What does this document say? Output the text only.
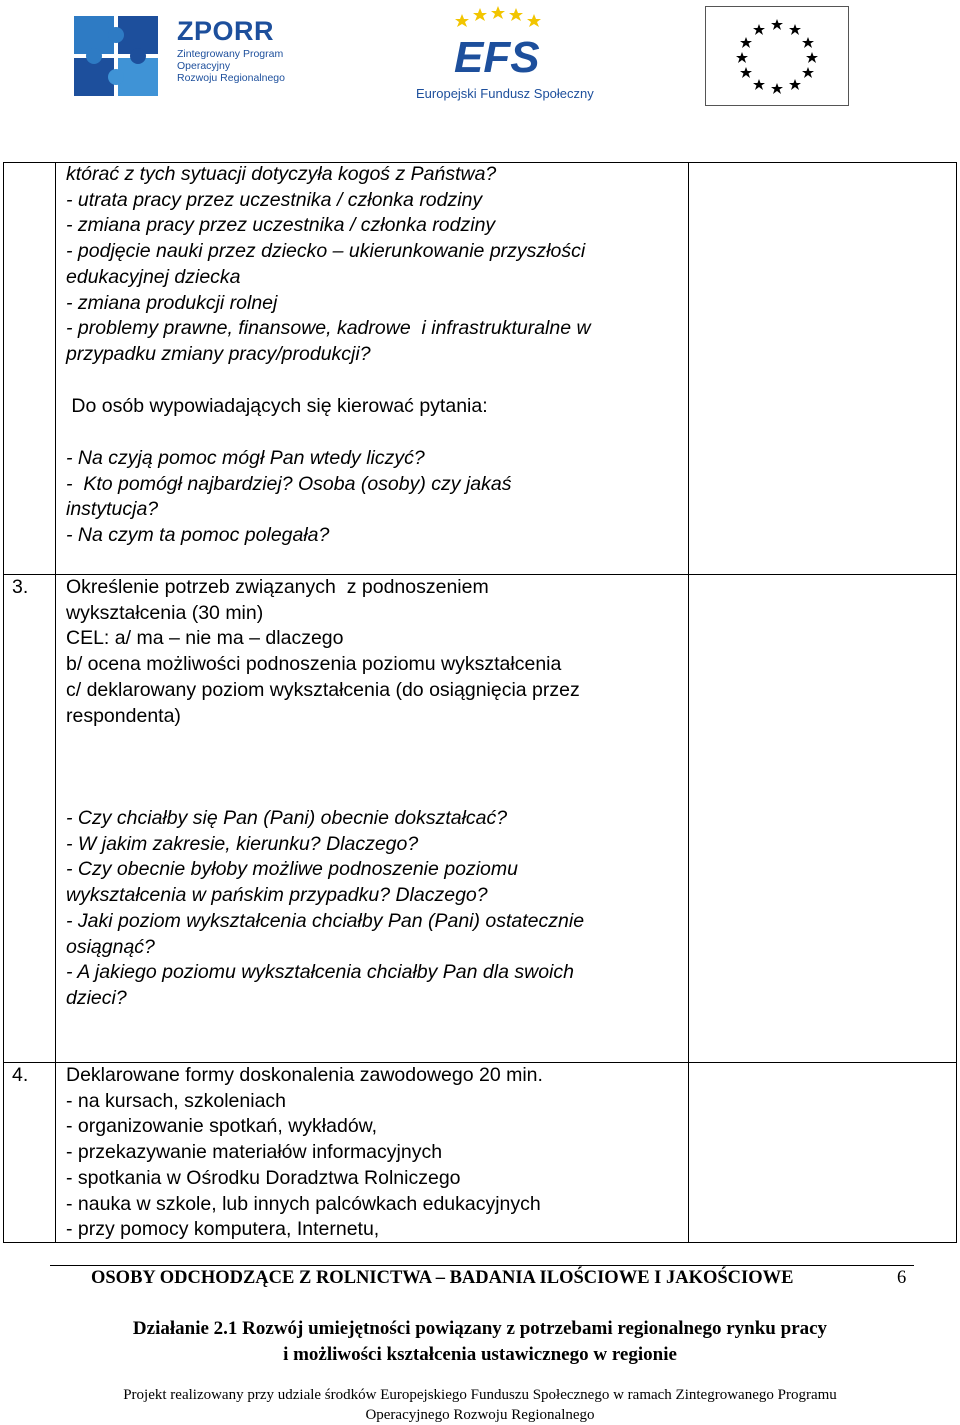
ZPORR
Zintegrowany Program
Operacyjny
Rozwoju Regionalnego	EFS
Europejski Fundusz Społeczny
którać z tych sytuacji dotyczyła kogoś z Państwa?
- utrata pracy przez uczestnika / członka rodziny
- zmiana pracy przez uczestnika / członka rodziny
- podjęcie nauki przez dziecko – ukierunkowanie przyszłości
edukacyjnej dziecka
- zmiana produkcji rolnej
- problemy prawne, finansowe, kadrowe  i infrastrukturalne w
przypadku zmiany pracy/produkcji?
Do osób wypowiadających się kierować pytania:
- Na czyją pomoc mógł Pan wtedy liczyć?
-  Kto pomógł najbardziej? Osoba (osoby) czy jakaś
instytucja?
- Na czym ta pomoc polegała?
3. Określenie potrzeb związanych  z podnoszeniem
wykształcenia (30 min)
CEL: a/ ma – nie ma – dlaczego
b/ ocena możliwości podnoszenia poziomu wykształcenia
c/ deklarowany poziom wykształcenia (do osiągnięcia przez
respondenta)
- Czy chciałby się Pan (Pani) obecnie dokształcać?
- W jakim zakresie, kierunku? Dlaczego?
- Czy obecnie byłoby możliwe podnoszenie poziomu
wykształcenia w pańskim przypadku? Dlaczego?
- Jaki poziom wykształcenia chciałby Pan (Pani) ostatecznie
osiągnąć?
- A jakiego poziomu wykształcenia chciałby Pan dla swoich
dzieci?
4. Deklarowane formy doskonalenia zawodowego 20 min.
- na kursach, szkoleniach
- organizowanie spotkań, wykładów,
- przekazywanie materiałów informacyjnych
- spotkania w Ośrodku Doradztwa Rolniczego
- nauka w szkole, lub innych palcówkach edukacyjnych
- przy pomocy komputera, Internetu,
OSOBY ODCHODZĄCE Z ROLNICTWA – BADANIA ILOŚCIOWE I JAKOŚCIOWE	6
Działanie 2.1 Rozwój umiejętności powiązany z potrzebami regionalnego rynku pracy
i możliwości kształcenia ustawicznego w regionie
Projekt realizowany przy udziale środków Europejskiego Funduszu Społecznego w ramach Zintegrowanego Programu
Operacyjnego Rozwoju Regionalnego
